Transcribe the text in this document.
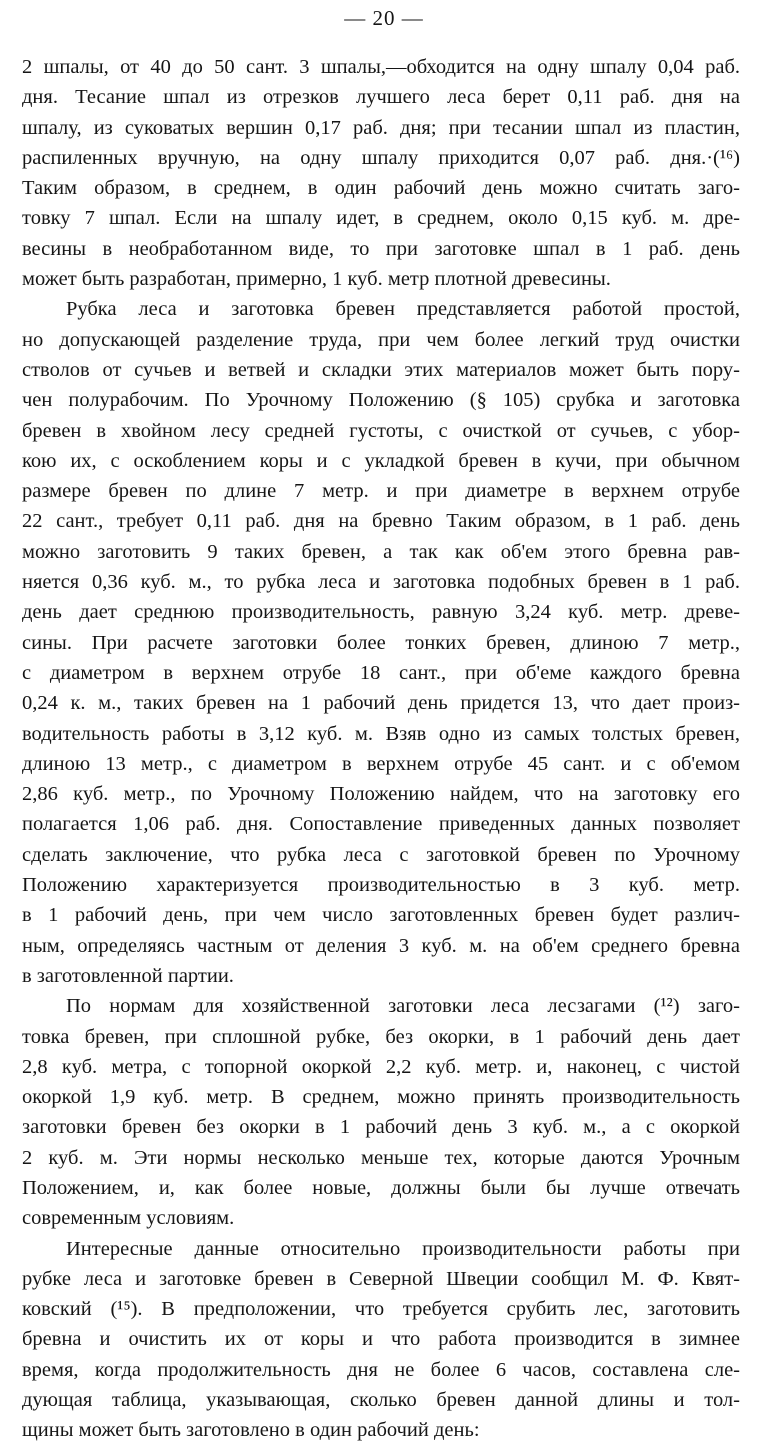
— 20 —
2 шпалы, от 40 до 50 сант. 3 шпалы,—обходится на одну шпалу 0,04 раб.
дня. Тесание шпал из отрезков лучшего леса берет 0,11 раб. дня на
шпалу, из суковатых вершин 0,17 раб. дня; при тесании шпал из пластин,
распиленных вручную, на одну шпалу приходится 0,07 раб. дня.·(¹⁶)
Таким образом, в среднем, в один рабочий день можно считать заго-
товку 7 шпал. Если на шпалу идет, в среднем, около 0,15 куб. м. дре-
весины в необработанном виде, то при заготовке шпал в 1 раб. день
может быть разработан, примерно, 1 куб. метр плотной древесины.
Рубка леса и заготовка бревен представляется работой простой,
но допускающей разделение труда, при чем более легкий труд очистки
стволов от сучьев и ветвей и складки этих материалов может быть пору-
чен полурабочим. По Урочному Положению (§ 105) срубка и заготовка
бревен в хвойном лесу средней густоты, с очисткой от сучьев, с убор-
кою их, с оскоблением коры и с укладкой бревен в кучи, при обычном
размере бревен по длине 7 метр. и при диаметре в верхнем отрубе
22 сант., требует 0,11 раб. дня на бревно Таким образом, в 1 раб. день
можно заготовить 9 таких бревен, а так как об'ем этого бревна рав-
няется 0,36 куб. м., то рубка леса и заготовка подобных бревен в 1 раб.
день дает среднюю производительность, равную 3,24 куб. метр. древе-
сины. При расчете заготовки более тонких бревен, длиною 7 метр.,
с диаметром в верхнем отрубе 18 сант., при об'еме каждого бревна
0,24 к. м., таких бревен на 1 рабочий день придется 13, что дает произ-
водительность работы в 3,12 куб. м. Взяв одно из самых толстых бревен,
длиною 13 метр., с диаметром в верхнем отрубе 45 сант. и с об'емом
2,86 куб. метр., по Урочному Положению найдем, что на заготовку его
полагается 1,06 раб. дня. Сопоставление приведенных данных позволяет
сделать заключение, что рубка леса с заготовкой бревен по Урочному
Положению характеризуется производительностью в 3 куб. метр.
в 1 рабочий день, при чем число заготовленных бревен будет различ-
ным, определяясь частным от деления 3 куб. м. на об'ем среднего бревна
в заготовленной партии.
По нормам для хозяйственной заготовки леса лесзагами (¹²) заго-
товка бревен, при сплошной рубке, без окорки, в 1 рабочий день дает
2,8 куб. метра, с топорной окоркой 2,2 куб. метр. и, наконец, с чистой
окоркой 1,9 куб. метр. В среднем, можно принять производительность
заготовки бревен без окорки в 1 рабочий день 3 куб. м., а с окоркой
2 куб. м. Эти нормы несколько меньше тех, которые даются Урочным
Положением, и, как более новые, должны были бы лучше отвечать
современным условиям.
Интересные данные относительно производительности работы при
рубке леса и заготовке бревен в Северной Швеции сообщил М. Ф. Квят-
ковский (¹⁵). В предположении, что требуется срубить лес, заготовить
бревна и очистить их от коры и что работа производится в зимнее
время, когда продолжительность дня не более 6 часов, составлена сле-
дующая таблица, указывающая, сколько бревен данной длины и тол-
щины может быть заготовлено в один рабочий день:
